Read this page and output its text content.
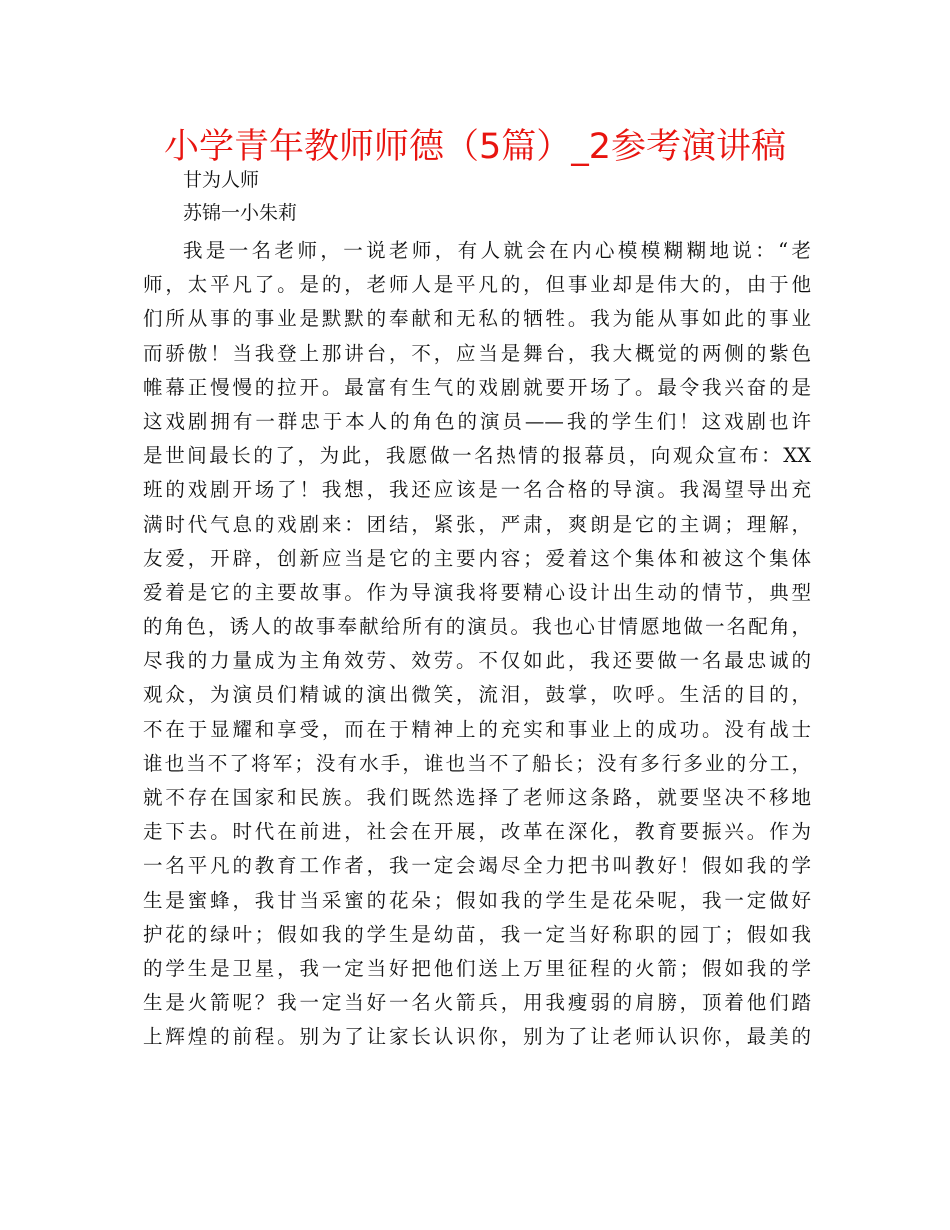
小学青年教师师德（5篇）_2参考演讲稿

甘为人师

苏锦一小朱莉

我是一名老师，一说老师，有人就会在内心模模糊糊地说：“老
师，太平凡了。是的，老师人是平凡的，但事业却是伟大的，由于他
们所从事的事业是默默的奉献和无私的牺牲。我为能从事如此的事业
而骄傲！当我登上那讲台，不，应当是舞台，我大概觉的两侧的紫色
帷幕正慢慢的拉开。最富有生气的戏剧就要开场了。最令我兴奋的是
这戏剧拥有一群忠于本人的角色的演员——我的学生们！这戏剧也许
是世间最长的了，为此，我愿做一名热情的报幕员，向观众宣布：XX
班的戏剧开场了！我想，我还应该是一名合格的导演。我渴望导出充
满时代气息的戏剧来：团结，紧张，严肃，爽朗是它的主调；理解，
友爱，开辟，创新应当是它的主要内容；爱着这个集体和被这个集体
爱着是它的主要故事。作为导演我将要精心设计出生动的情节，典型
的角色，诱人的故事奉献给所有的演员。我也心甘情愿地做一名配角，
尽我的力量成为主角效劳、效劳。不仅如此，我还要做一名最忠诚的
观众，为演员们精诚的演出微笑，流泪，鼓掌，吹呼。生活的目的，
不在于显耀和享受，而在于精神上的充实和事业上的成功。没有战士
谁也当不了将军；没有水手，谁也当不了船长；没有多行多业的分工，
就不存在国家和民族。我们既然选择了老师这条路，就要坚决不移地
走下去。时代在前进，社会在开展，改革在深化，教育要振兴。作为
一名平凡的教育工作者，我一定会竭尽全力把书叫教好！假如我的学
生是蜜蜂，我甘当采蜜的花朵；假如我的学生是花朵呢，我一定做好
护花的绿叶；假如我的学生是幼苗，我一定当好称职的园丁；假如我
的学生是卫星，我一定当好把他们送上万里征程的火箭；假如我的学
生是火箭呢？我一定当好一名火箭兵，用我瘦弱的肩膀，顶着他们踏
上辉煌的前程。别为了让家长认识你，别为了让老师认识你，最美的
